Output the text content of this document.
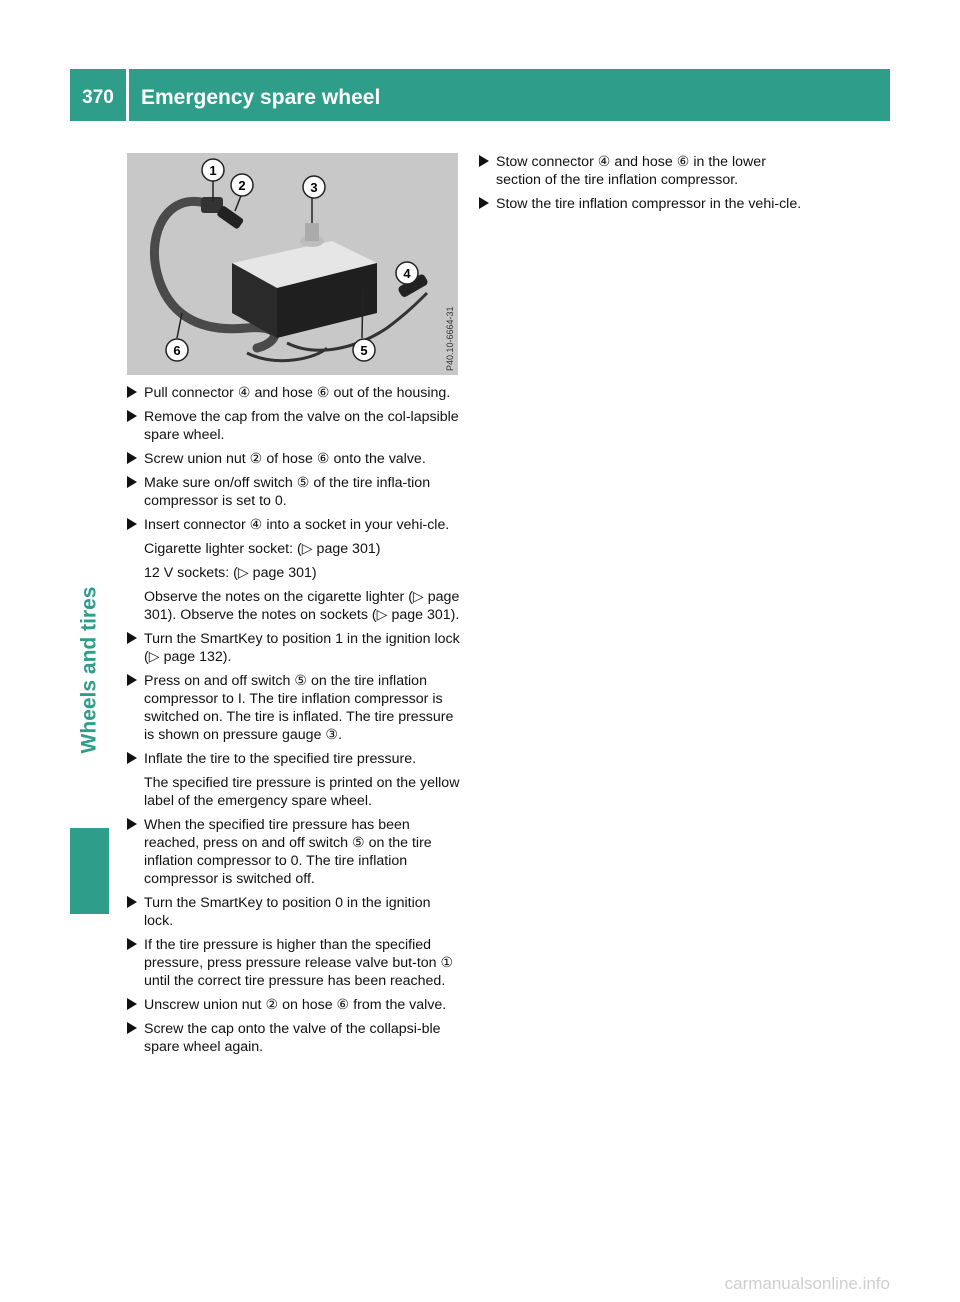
370	Emergency spare wheel
Wheels and tires
1
2	3
4
5
6	P40.10-6664-31
Pull connector ④ and hose ⑥ out of the housing.
Remove the cap from the valve on the col-lapsible spare wheel.
Screw union nut ② of hose ⑥ onto the valve.
Make sure on/off switch ⑤ of the tire infla-tion compressor is set to 0.
Insert connector ④ into a socket in your vehi-cle.
Cigarette lighter socket: (▷ page 301)
12 V sockets: (▷ page 301)
Observe the notes on the cigarette lighter (▷ page 301). Observe the notes on sockets (▷ page 301).
Turn the SmartKey to position 1 in the ignition lock (▷ page 132).
Press on and off switch ⑤ on the tire inflation compressor to I. The tire inflation compressor is switched on. The tire is inflated. The tire pressure is shown on pressure gauge ③.
Inflate the tire to the specified tire pressure.
The specified tire pressure is printed on the yellow label of the emergency spare wheel.
When the specified tire pressure has been reached, press on and off switch ⑤ on the tire inflation compressor to 0. The tire inflation compressor is switched off.
Turn the SmartKey to position 0 in the ignition lock.
If the tire pressure is higher than the specified pressure, press pressure release valve but-ton ① until the correct tire pressure has been reached.
Unscrew union nut ② on hose ⑥ from the valve.
Screw the cap onto the valve of the collapsi-ble spare wheel again.
Stow connector ④ and hose ⑥ in the lower section of the tire inflation compressor.
Stow the tire inflation compressor in the vehi-cle.
carmanualsonline.info
